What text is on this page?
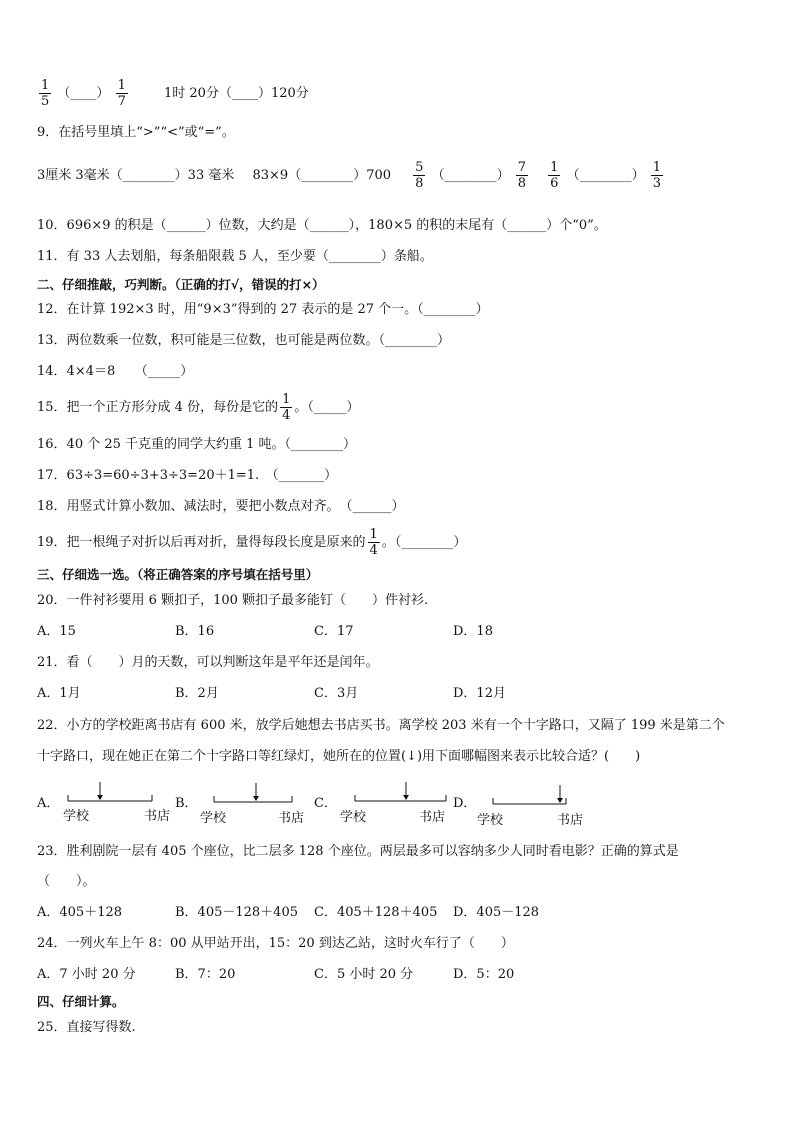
$\frac{1}{5}$ （____） $\frac{1}{7}$	1时 20分（____）120分
9．在括号里填上“>”“<”或“=”。
3厘米 3毫米（________）33 毫米 83×9（________）700 $\frac{5}{8}$ （________） $\frac{7}{8}$
$\frac{1}{6}$ （________） $\frac{1}{3}$
10．696×9 的积是（______）位数，大约是（______），180×5 的积的末尾有（______）个“0”。
11．有 33 人去划船，每条船限载 5 人，至少要（________）条船。
二、仔细推敲，巧判断。（正确的打√，错误的打×）
12．在计算 192×3 时，用“9×3”得到的 27 表示的是 27 个一。（________）
13．两位数乘一位数，积可能是三位数，也可能是两位数。（________）
14．4×4＝8　　（_____）
15．把一个正方形分成 4 份，每份是它的 $\frac{1}{4}$ 。（_____）
16．40 个 25 千克重的同学大约重 1 吨。（________）
17．63÷3=60÷3+3÷3=20＋1=1.　（_______）
18．用竖式计算小数加、减法时，要把小数点对齐。　（______）
19．把一根绳子对折以后再对折，量得每段长度是原来的 $\frac{1}{4}$ 。（________）
三、仔细选一选。（将正确答案的序号填在括号里）
20．一件衬衫要用 6 颗扣子，100 颗扣子最多能钉（　　）件衬衫.
A．15	B．16	C．17	D．18
21．看（　　）月的天数，可以判断这年是平年还是闰年。
A．1月	B．2月	C．3月	D．12月
22．小方的学校距离书店有 600 米，放学后她想去书店买书。离学校 203 米有一个十字路口，又隔了 199 米是第二个
十字路口，现在她正在第二个十字路口等红绿灯，她所在的位置(↓)用下面哪幅图来表示比较合适？(　　)
A．	B．	C．	D．
学校	书店 学校	书店	学校	书店 学校	书店
23．胜利剧院一层有 405 个座位，比二层多 128 个座位。两层最多可以容纳多少人同时看电影？正确的算式是
（　　）。
A．405＋128	B．405－128＋405 C．405＋128＋405 D．405－128
24．一列火车上午 8：00 从甲站开出，15：20 到达乙站，这时火车行了（　　）
A．7 小时 20 分	B．7：20	C．5 小时 20 分	D．5：20
四、仔细计算。
25．直接写得数.
